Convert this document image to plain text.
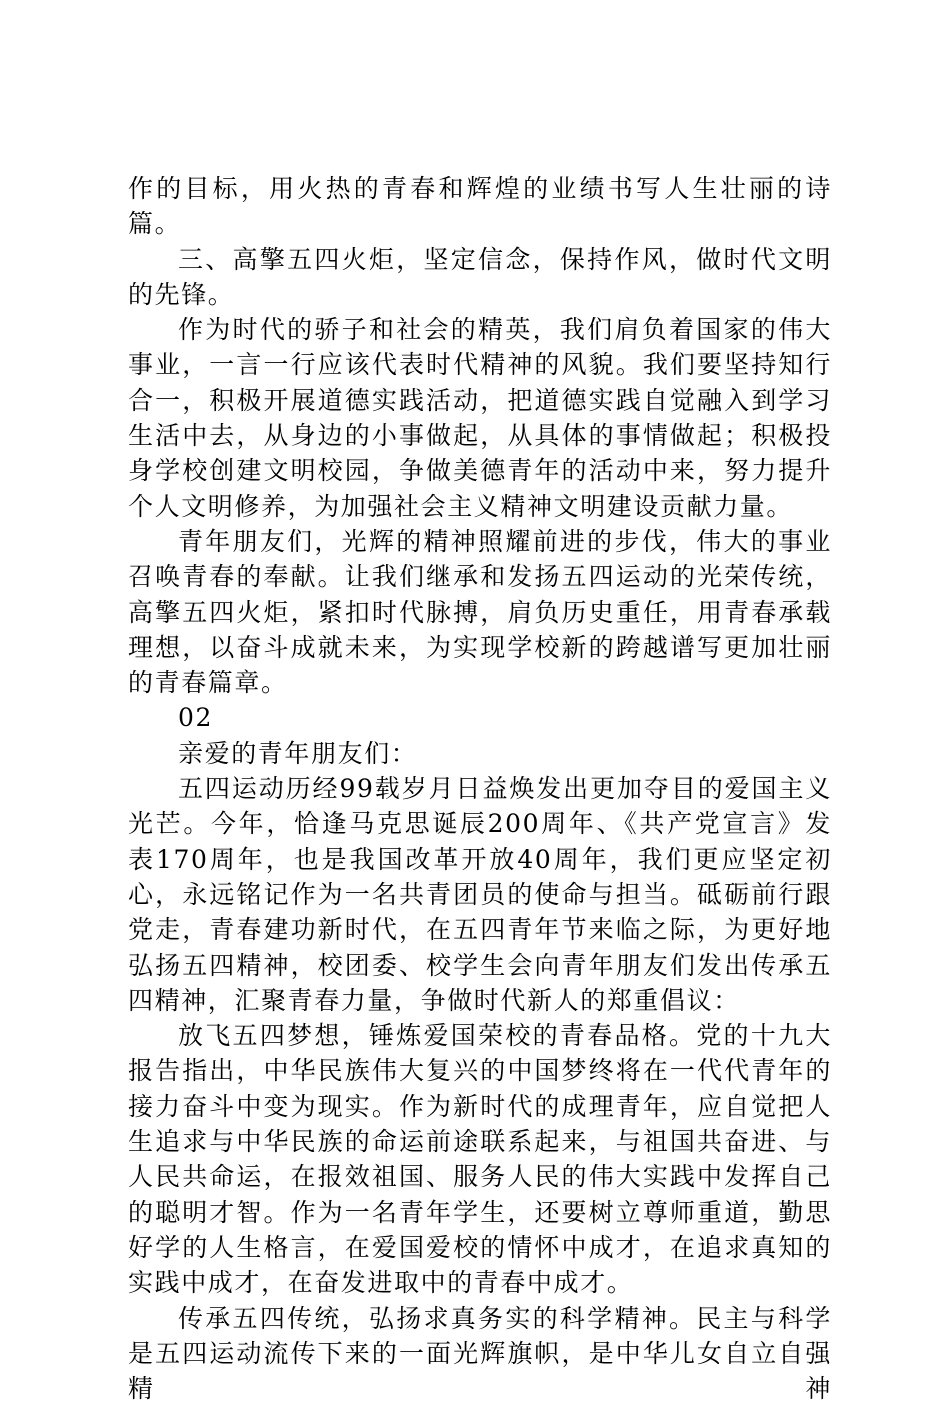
作的目标，用火热的青春和辉煌的业绩书写人生壮丽的诗篇。

三、高擎五四火炬，坚定信念，保持作风，做时代文明的先锋。

作为时代的骄子和社会的精英，我们肩负着国家的伟大事业，一言一行应该代表时代精神的风貌。我们要坚持知行合一，积极开展道德实践活动，把道德实践自觉融入到学习生活中去，从身边的小事做起，从具体的事情做起；积极投身学校创建文明校园，争做美德青年的活动中来，努力提升个人文明修养，为加强社会主义精神文明建设贡献力量。

青年朋友们，光辉的精神照耀前进的步伐，伟大的事业召唤青春的奉献。让我们继承和发扬五四运动的光荣传统，高擎五四火炬，紧扣时代脉搏，肩负历史重任，用青春承载理想，以奋斗成就未来，为实现学校新的跨越谱写更加壮丽的青春篇章。

02

亲爱的青年朋友们：

五四运动历经99载岁月日益焕发出更加夺目的爱国主义光芒。今年，恰逢马克思诞辰200周年、《共产党宣言》发表170周年，也是我国改革开放40周年，我们更应坚定初心，永远铭记作为一名共青团员的使命与担当。砥砺前行跟党走，青春建功新时代，在五四青年节来临之际，为更好地弘扬五四精神，校团委、校学生会向青年朋友们发出传承五四精神，汇聚青春力量，争做时代新人的郑重倡议：

放飞五四梦想，锤炼爱国荣校的青春品格。党的十九大报告指出，中华民族伟大复兴的中国梦终将在一代代青年的接力奋斗中变为现实。作为新时代的成理青年，应自觉把人生追求与中华民族的命运前途联系起来，与祖国共奋进、与人民共命运，在报效祖国、服务人民的伟大实践中发挥自己的聪明才智。作为一名青年学生，还要树立尊师重道，勤思好学的人生格言，在爱国爱校的情怀中成才，在追求真知的实践中成才，在奋发进取中的青春中成才。

传承五四传统，弘扬求真务实的科学精神。民主与科学是五四运动流传下来的一面光辉旗帜，是中华儿女自立自强精神
